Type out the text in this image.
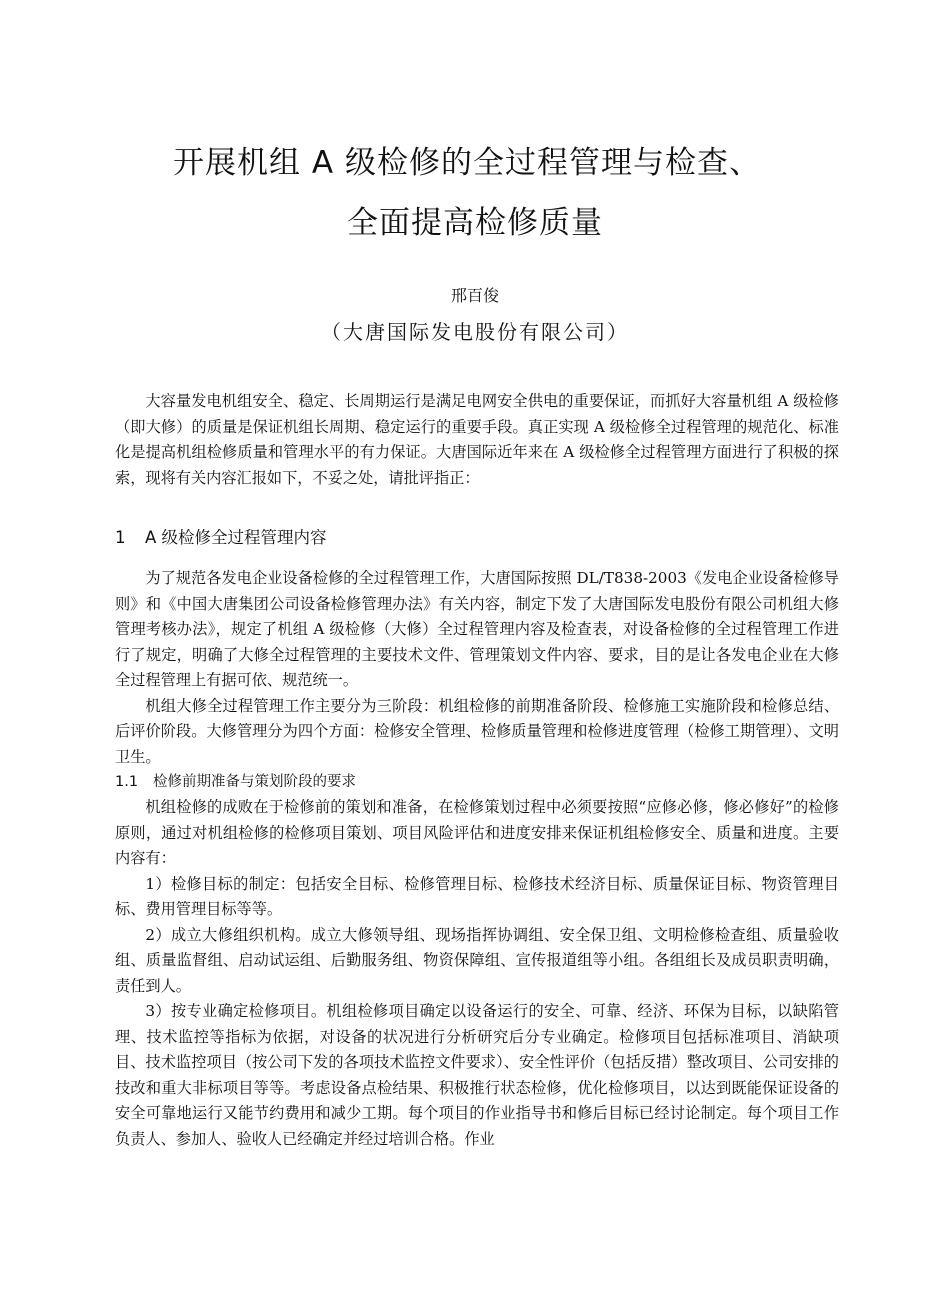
开展机组 A 级检修的全过程管理与检查、
全面提高检修质量
邢百俊
（大唐国际发电股份有限公司）

大容量发电机组安全、稳定、长周期运行是满足电网安全供电的重要保证，而抓好大容量机组 A 级检修（即大修）的质量是保证机组长周期、稳定运行的重要手段。真正实现 A 级检修全过程管理的规范化、标准化是提高机组检修质量和管理水平的有力保证。大唐国际近年来在 A 级检修全过程管理方面进行了积极的探索，现将有关内容汇报如下，不妥之处，请批评指正：

1 A 级检修全过程管理内容

为了规范各发电企业设备检修的全过程管理工作，大唐国际按照 DL/T838-2003《发电企业设备检修导则》和《中国大唐集团公司设备检修管理办法》有关内容，制定下发了大唐国际发电股份有限公司机组大修管理考核办法》，规定了机组 A 级检修（大修）全过程管理内容及检查表，对设备检修的全过程管理工作进行了规定，明确了大修全过程管理的主要技术文件、管理策划文件内容、要求，目的是让各发电企业在大修全过程管理上有据可依、规范统一。

机组大修全过程管理工作主要分为三阶段：机组检修的前期准备阶段、检修施工实施阶段和检修总结、后评价阶段。大修管理分为四个方面：检修安全管理、检修质量管理和检修进度管理（检修工期管理）、文明卫生。

1.1 检修前期准备与策划阶段的要求

机组检修的成败在于检修前的策划和准备，在检修策划过程中必须要按照“应修必修，修必修好”的检修原则，通过对机组检修的检修项目策划、项目风险评估和进度安排来保证机组检修安全、质量和进度。主要内容有：

1）检修目标的制定：包括安全目标、检修管理目标、检修技术经济目标、质量保证目标、物资管理目标、费用管理目标等等。

2）成立大修组织机构。成立大修领导组、现场指挥协调组、安全保卫组、文明检修检查组、质量验收组、质量监督组、启动试运组、后勤服务组、物资保障组、宣传报道组等小组。各组组长及成员职责明确，责任到人。

3）按专业确定检修项目。机组检修项目确定以设备运行的安全、可靠、经济、环保为目标，以缺陷管理、技术监控等指标为依据，对设备的状况进行分析研究后分专业确定。检修项目包括标准项目、消缺项目、技术监控项目（按公司下发的各项技术监控文件要求）、安全性评价（包括反措）整改项目、公司安排的技改和重大非标项目等等。考虑设备点检结果、积极推行状态检修，优化检修项目，以达到既能保证设备的安全可靠地运行又能节约费用和减少工期。每个项目的作业指导书和修后目标已经讨论制定。每个项目工作负责人、参加人、验收人已经确定并经过培训合格。作业
